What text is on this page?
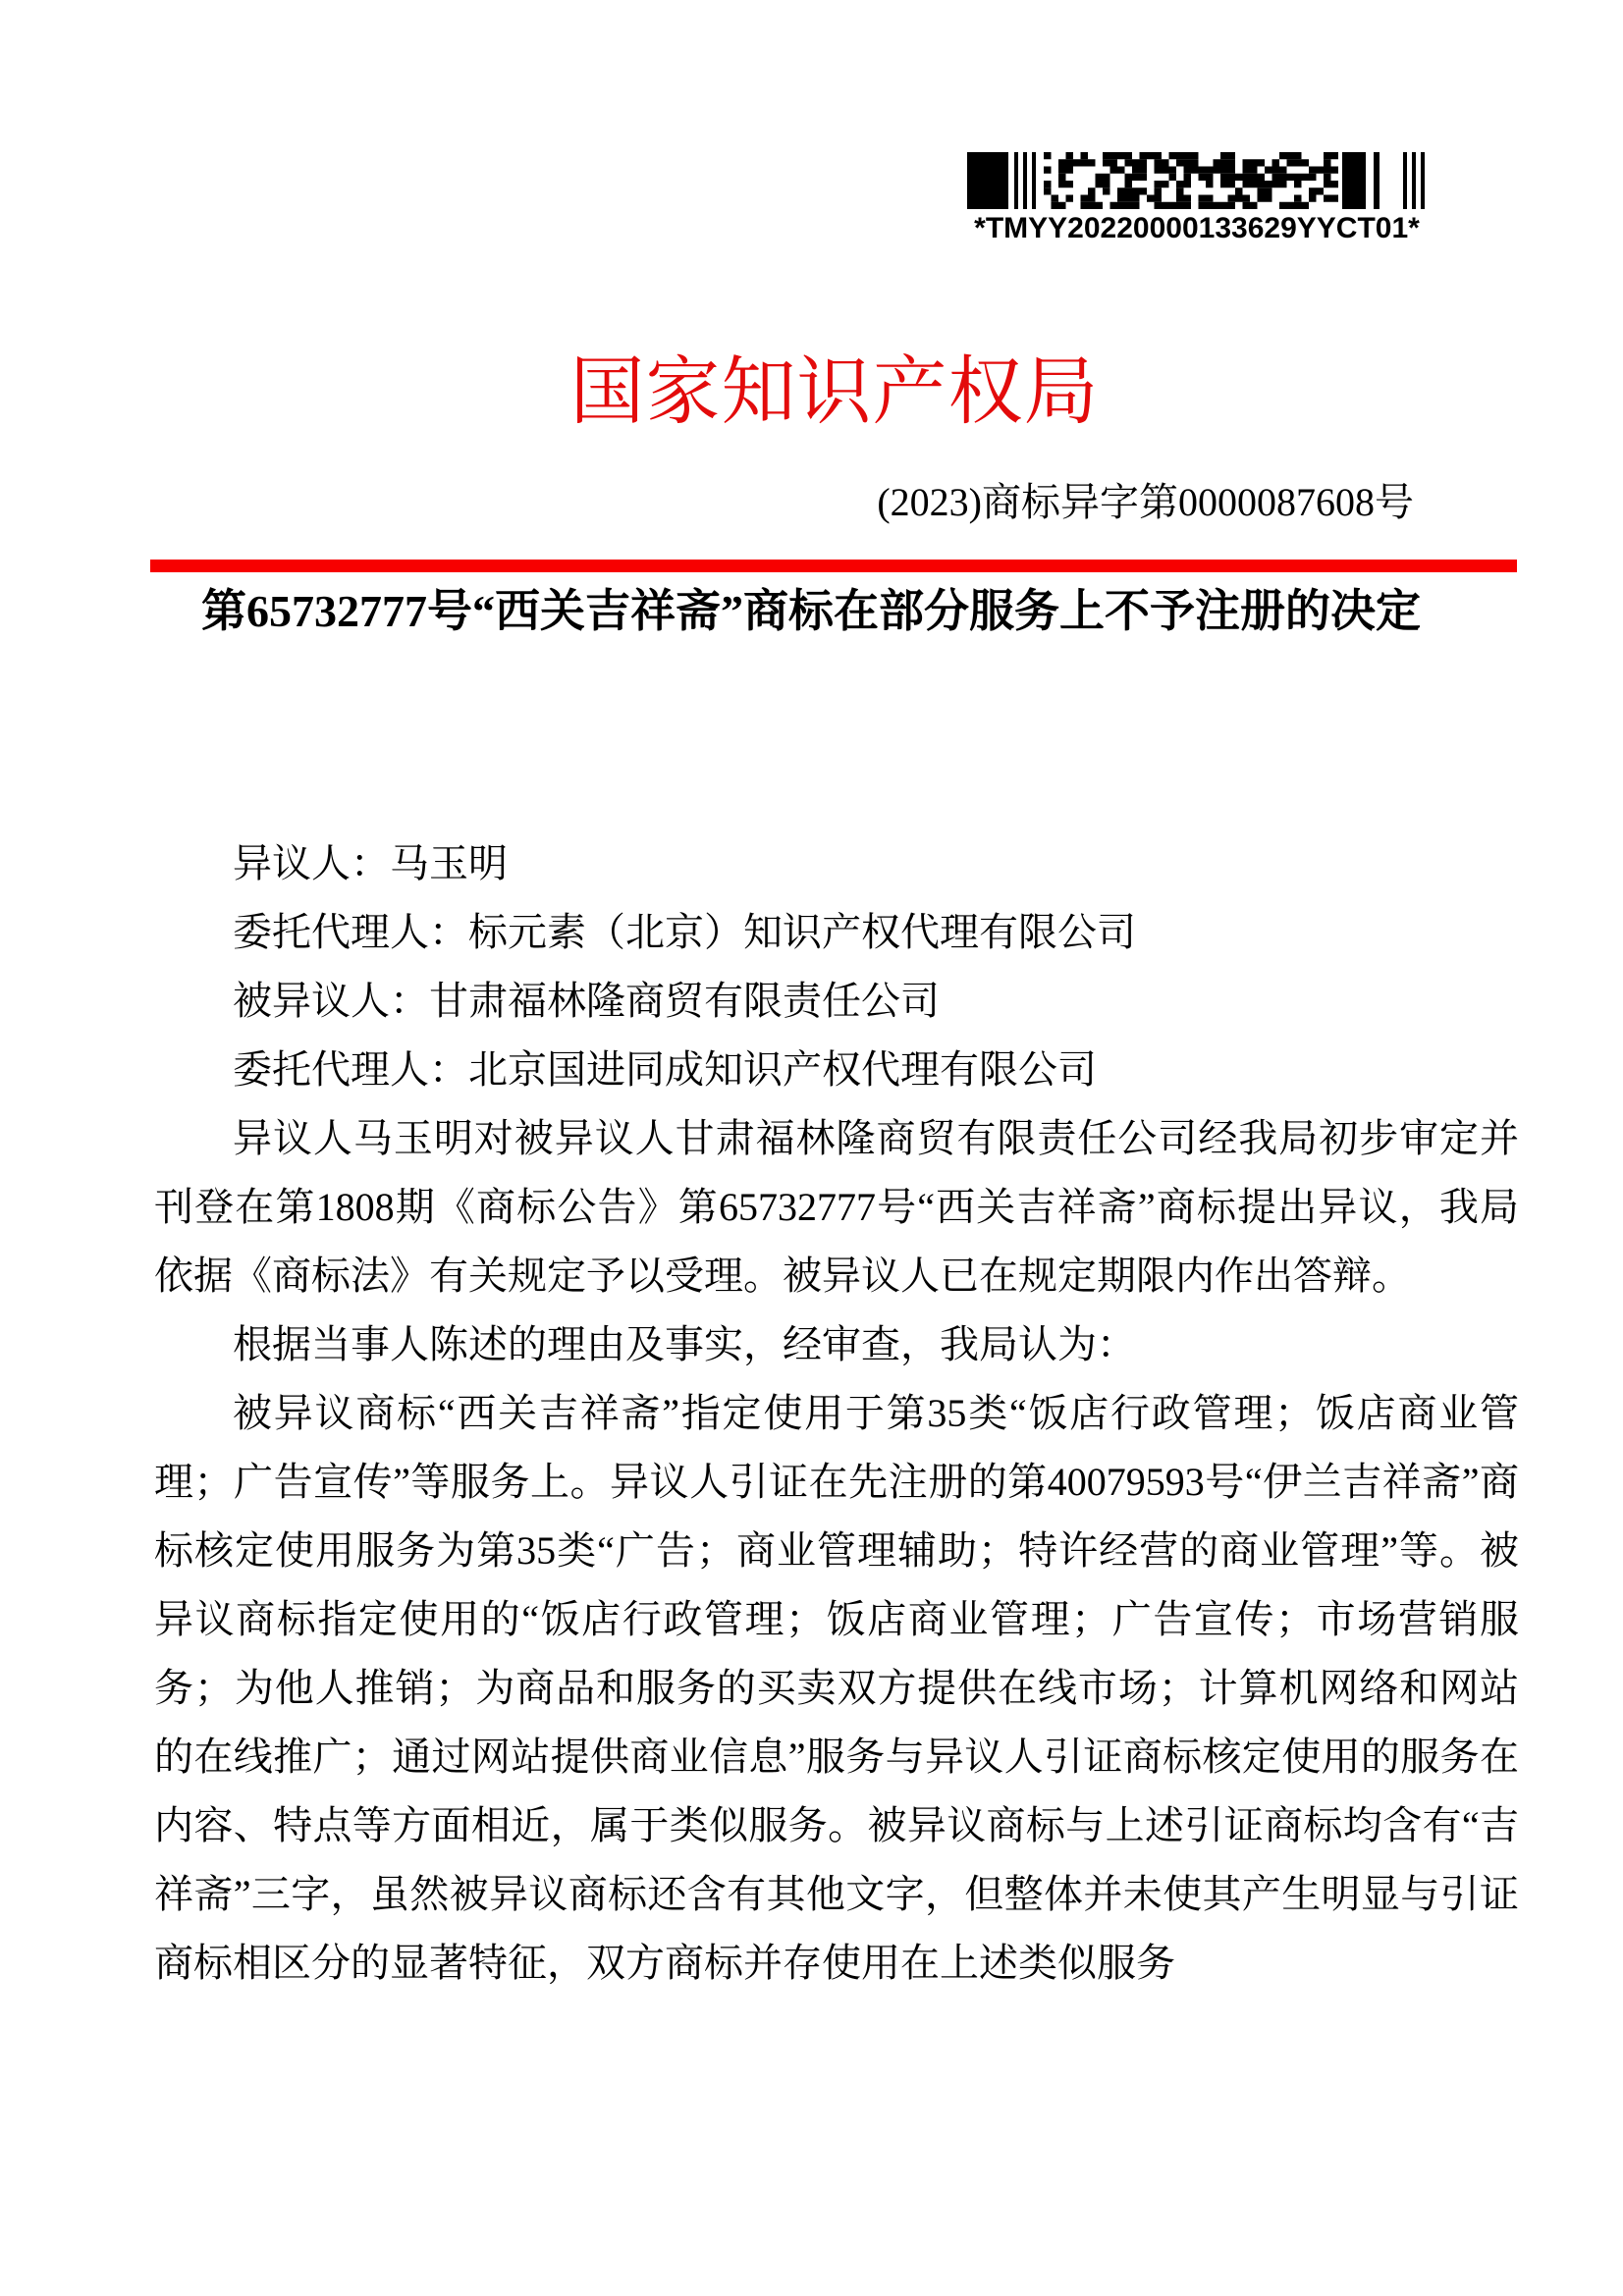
*TMYY20220000133629YYCT01*
国家知识产权局
(2023)商标异字第0000087608号
第65732777号“西关吉祥斋”商标在部分服务上不予注册的决定

异议人：马玉明

委托代理人：标元素（北京）知识产权代理有限公司

被异议人：甘肃福林隆商贸有限责任公司

委托代理人：北京国进同成知识产权代理有限公司

异议人马玉明对被异议人甘肃福林隆商贸有限责任公司经我局初步审定并刊登在第1808期《商标公告》第65732777号“西关吉祥斋”商标提出异议，我局依据《商标法》有关规定予以受理。被异议人已在规定期限内作出答辩。

根据当事人陈述的理由及事实，经审查，我局认为：

被异议商标“西关吉祥斋”指定使用于第35类“饭店行政管理；饭店商业管理；广告宣传”等服务上。异议人引证在先注册的第40079593号“伊兰吉祥斋”商标核定使用服务为第35类“广告；商业管理辅助；特许经营的商业管理”等。被异议商标指定使用的“饭店行政管理；饭店商业管理；广告宣传；市场营销服务；为他人推销；为商品和服务的买卖双方提供在线市场；计算机网络和网站的在线推广；通过网站提供商业信息”服务与异议人引证商标核定使用的服务在内容、特点等方面相近，属于类似服务。被异议商标与上述引证商标均含有“吉祥斋”三字，虽然被异议商标还含有其他文字，但整体并未使其产生明显与引证商标相区分的显著特征，双方商标并存使用在上述类似服务
